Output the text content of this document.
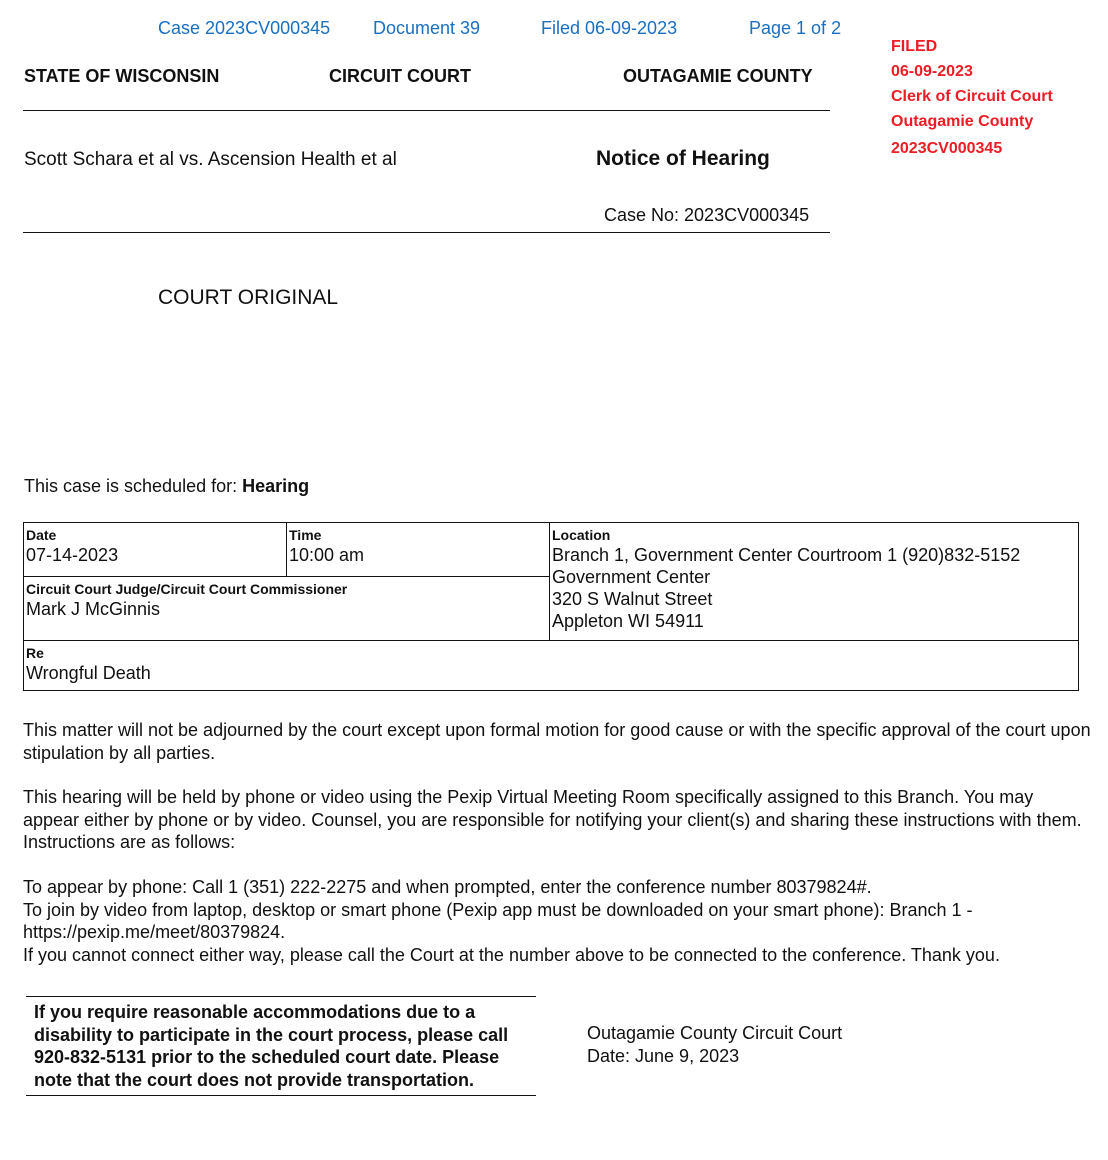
Case 2023CV000345 Document 39	Filed 06-09-2023	Page 1 of 2
FILED
06-09-2023
Clerk of Circuit Court
Outagamie County
2023CV000345
STATE OF WISCONSIN	CIRCUIT COURT	OUTAGAMIE COUNTY
Scott Schara et al vs. Ascension Health et al	Notice of Hearing
Case No: 2023CV000345
COURT ORIGINAL
This case is scheduled for: Hearing
Date
07-14-2023

Time
10:00 am

Location
Branch 1, Government Center Courtroom 1 (920)832-5152
Government Center
320 S Walnut Street
Appleton WI 54911

Circuit Court Judge/Circuit Court Commissioner
Mark J McGinnis

Re
Wrongful Death
This matter will not be adjourned by the court except upon formal motion for good cause or with the specific approval of the court upon stipulation by all parties.
This hearing will be held by phone or video using the Pexip Virtual Meeting Room specifically assigned to this Branch. You may appear either by phone or by video. Counsel, you are responsible for notifying your client(s) and sharing these instructions with them. Instructions are as follows:
To appear by phone: Call 1 (351) 222-2275 and when prompted, enter the conference number 80379824#.
To join by video from laptop, desktop or smart phone (Pexip app must be downloaded on your smart phone): Branch 1 -
https://pexip.me/meet/80379824.
If you cannot connect either way, please call the Court at the number above to be connected to the conference. Thank you.
If you require reasonable accommodations due to a disability to participate in the court process, please call 920-832-5131 prior to the scheduled court date. Please note that the court does not provide transportation.
Outagamie County Circuit Court
Date: June 9, 2023
